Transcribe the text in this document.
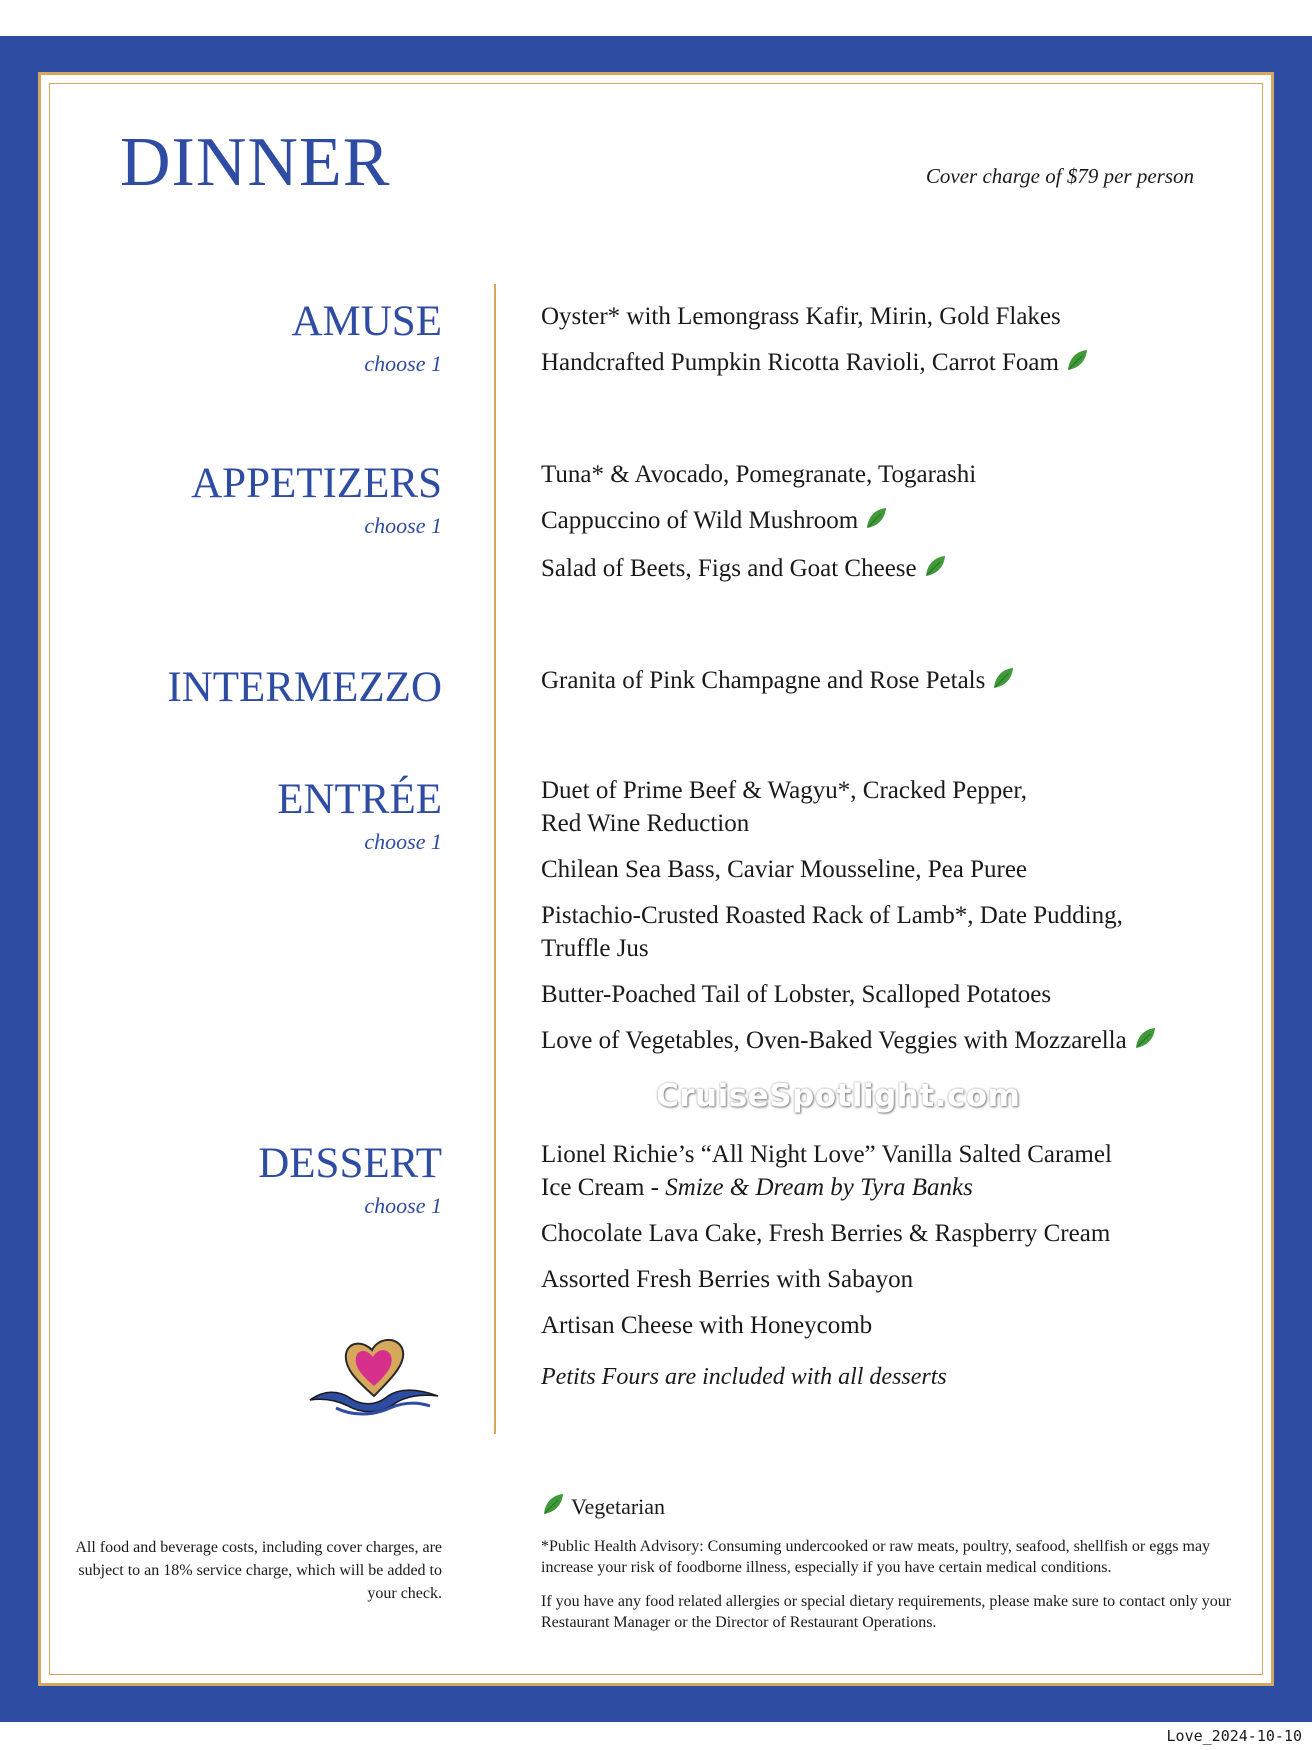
DINNER	Cover charge of $79 per person
AMUSE
choose 1
Oyster* with Lemongrass Kafir, Mirin, Gold Flakes
Handcrafted Pumpkin Ricotta Ravioli, Carrot Foam
APPETIZERS
choose 1
Tuna* & Avocado, Pomegranate, Togarashi
Cappuccino of Wild Mushroom
Salad of Beets, Figs and Goat Cheese
INTERMEZZO	Granita of Pink Champagne and Rose Petals
ENTRÉE
choose 1
Duet of Prime Beef & Wagyu*, Cracked Pepper,
Red Wine Reduction
Chilean Sea Bass, Caviar Mousseline, Pea Puree
Pistachio-Crusted Roasted Rack of Lamb*, Date Pudding,
Truffle Jus
Butter-Poached Tail of Lobster, Scalloped Potatoes
Love of Vegetables, Oven-Baked Veggies with Mozzarella
CruiseSpotlight.com
DESSERT
choose 1
Lionel Richie’s “All Night Love” Vanilla Salted Caramel
Ice Cream - Smize & Dream by Tyra Banks
Chocolate Lava Cake, Fresh Berries & Raspberry Cream
Assorted Fresh Berries with Sabayon
Artisan Cheese with Honeycomb
Petits Fours are included with all desserts
Vegetarian
All food and beverage costs, including cover charges, are subject to an 18% service charge, which will be added to your check.
*Public Health Advisory: Consuming undercooked or raw meats, poultry, seafood, shellfish or eggs may increase your risk of foodborne illness, especially if you have certain medical conditions.
If you have any food related allergies or special dietary requirements, please make sure to contact only your Restaurant Manager or the Director of Restaurant Operations.
Love_2024-10-10
